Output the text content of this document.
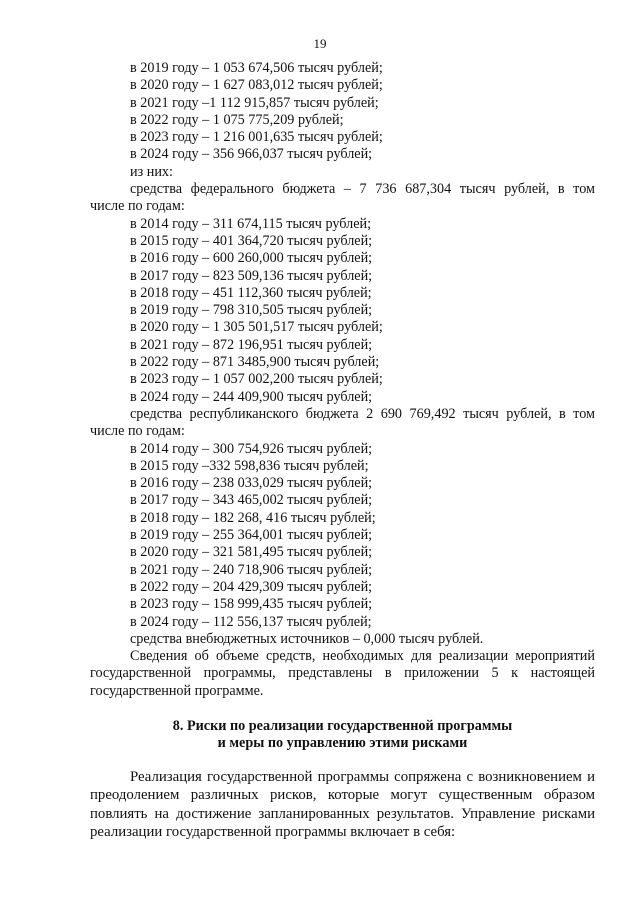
19

в 2019 году – 1 053 674,506 тысяч рублей;

в 2020 году – 1 627 083,012 тысяч рублей;

в 2021 году –1 112 915,857 тысяч рублей;

в 2022 году – 1 075 775,209 рублей;

в 2023 году – 1 216 001,635 тысяч рублей;

в 2024 году – 356 966,037 тысяч рублей;

из них:

средства федерального бюджета – 7 736 687,304 тысяч рублей, в том

числе по годам:

в 2014 году – 311 674,115 тысяч рублей;

в 2015 году – 401 364,720 тысяч рублей;

в 2016 году – 600 260,000 тысяч рублей;

в 2017 году – 823 509,136 тысяч рублей;

в 2018 году – 451 112,360 тысяч рублей;

в 2019 году – 798 310,505 тысяч рублей;

в 2020 году – 1 305 501,517 тысяч рублей;

в 2021 году – 872 196,951 тысяч рублей;

в 2022 году – 871 3485,900 тысяч рублей;

в 2023 году – 1 057 002,200 тысяч рублей;

в 2024 году – 244 409,900 тысяч рублей;

средства республиканского бюджета 2 690 769,492 тысяч рублей, в том

числе по годам:

в 2014 году – 300 754,926 тысяч рублей;

в 2015 году –332 598,836 тысяч рублей;

в 2016 году – 238 033,029 тысяч рублей;

в 2017 году – 343 465,002 тысяч рублей;

в 2018 году – 182 268, 416 тысяч рублей;

в 2019 году – 255 364,001 тысяч рублей;

в 2020 году – 321 581,495 тысяч рублей;

в 2021 году – 240 718,906 тысяч рублей;

в 2022 году – 204 429,309 тысяч рублей;

в 2023 году – 158 999,435 тысяч рублей;

в 2024 году – 112 556,137 тысяч рублей;

средства внебюджетных источников – 0,000 тысяч рублей.

Сведения об объеме средств, необходимых для реализации мероприятий государственной программы, представлены в приложении 5 к настоящей государственной программе.

8. Риски по реализации государственной программы
и меры по управлению этими рисками

Реализация государственной программы сопряжена с возникновением и преодолением различных рисков, которые могут существенным образом повлиять на достижение запланированных результатов. Управление рисками реализации государственной программы включает в себя:
